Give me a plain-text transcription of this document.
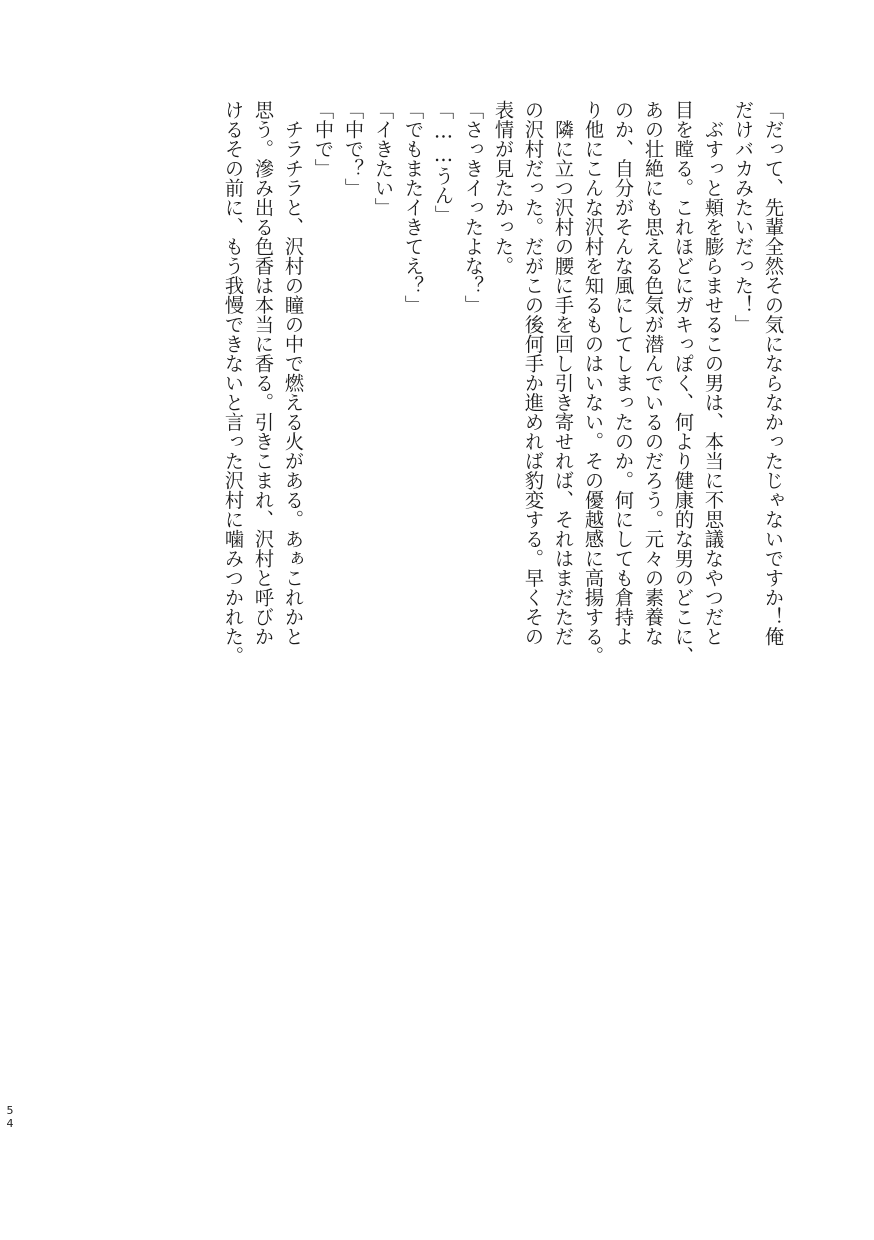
「だって、先輩全然その気にならなかったじゃないですか！俺

だけバカみたいだった！」

　ぶすっと頬を膨らませるこの男は、本当に不思議なやつだと

目を瞠る。これほどにガキっぽく、何より健康的な男のどこに、

あの壮絶にも思える色気が潜んでいるのだろう。元々の素養な

のか、自分がそんな風にしてしまったのか。何にしても倉持よ

り他にこんな沢村を知るものはいない。その優越感に高揚する。

　隣に立つ沢村の腰に手を回し引き寄せれば、それはまだただ

の沢村だった。だがこの後何手か進めれば豹変する。早くその

表情が見たかった。

「さっきイったよな？」

「……うん」

「でもまたイきてえ？」

「イきたい」

「中で？」

「中で」

　チラチラと、沢村の瞳の中で燃える火がある。あぁこれかと

思う。滲み出る色香は本当に香る。引きこまれ、沢村と呼びか

けるその前に、もう我慢できないと言った沢村に噛みつかれた。

5
4
